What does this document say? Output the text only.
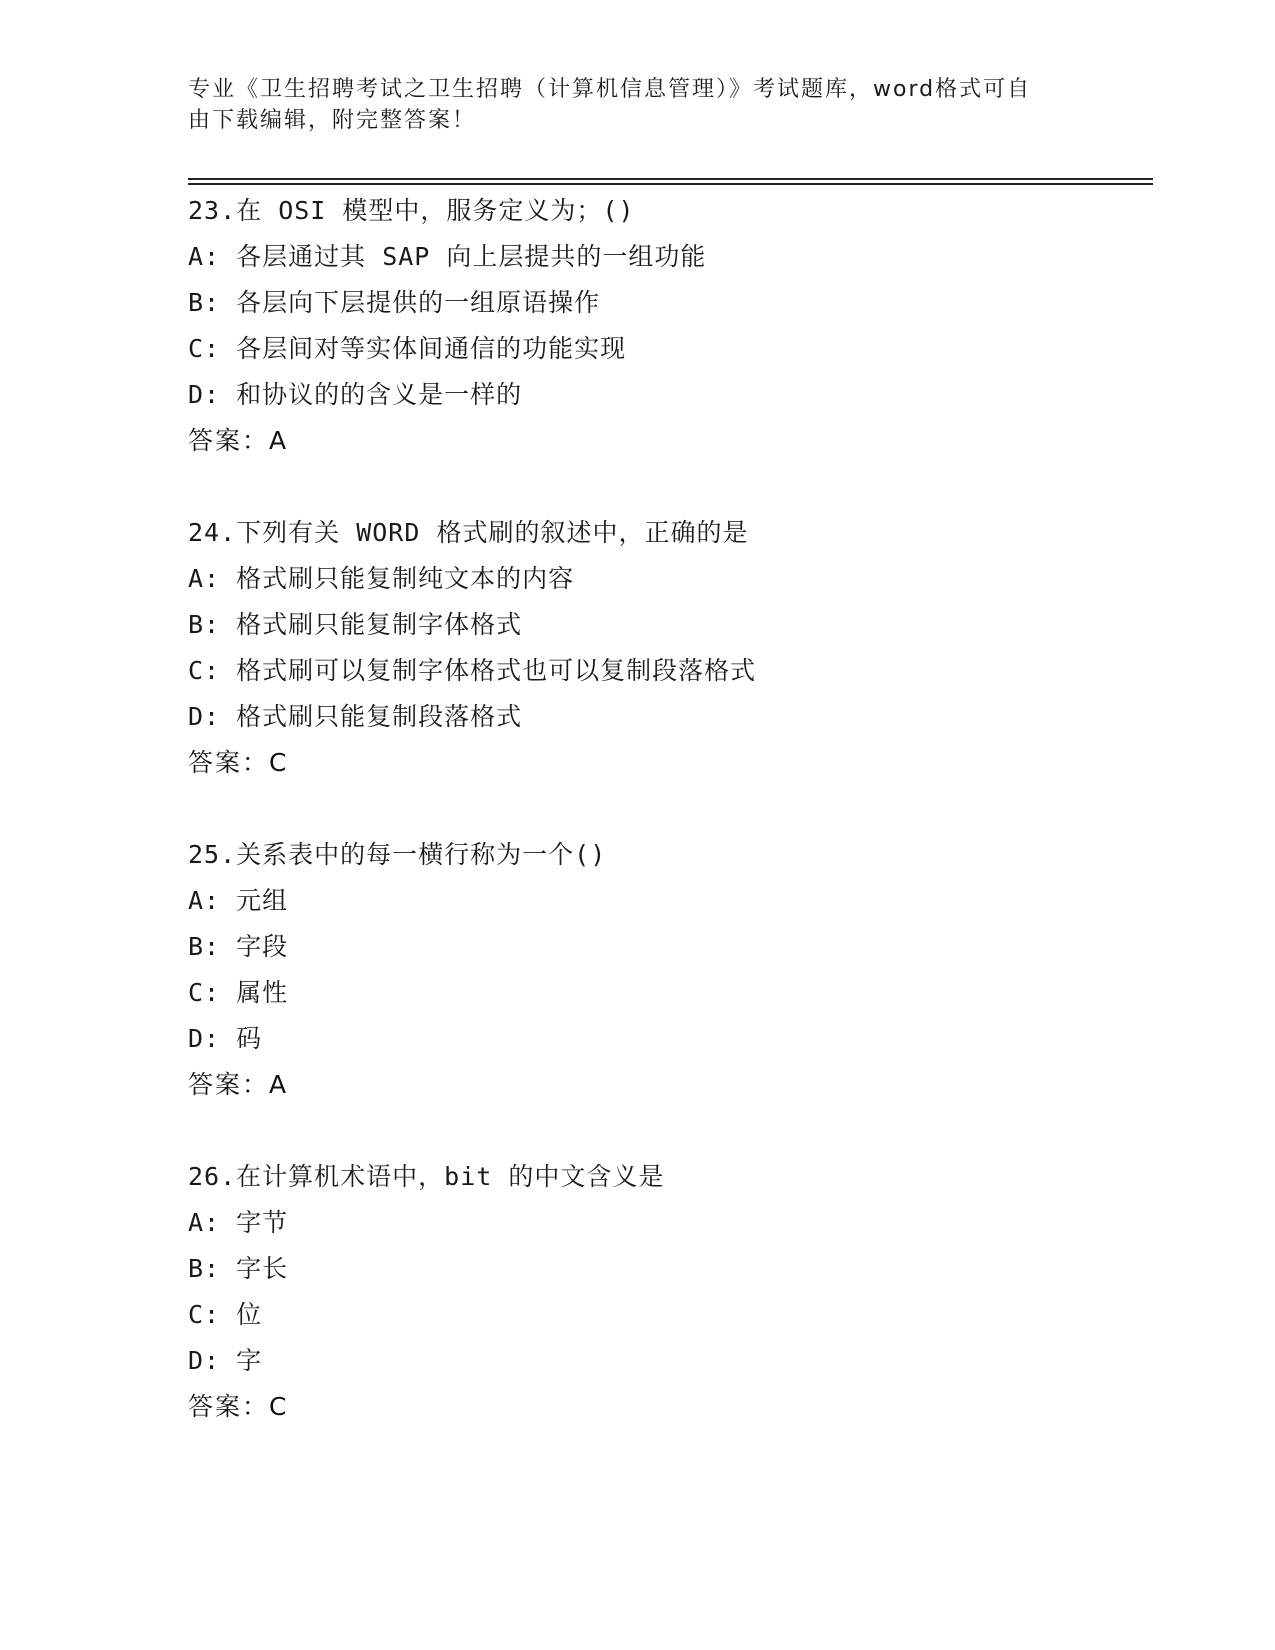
专业《卫生招聘考试之卫生招聘（计算机信息管理）》考试题库，word格式可自
由下载编辑，附完整答案！
23.在 OSI 模型中，服务定义为；()
A: 各层通过其 SAP 向上层提共的一组功能
B: 各层向下层提供的一组原语操作
C: 各层间对等实体间通信的功能实现
D: 和协议的的含义是一样的
答案：A
24.下列有关 WORD 格式刷的叙述中，正确的是
A: 格式刷只能复制纯文本的内容
B: 格式刷只能复制字体格式
C: 格式刷可以复制字体格式也可以复制段落格式
D: 格式刷只能复制段落格式
答案：C
25.关系表中的每一横行称为一个()
A: 元组
B: 字段
C: 属性
D: 码
答案：A
26.在计算机术语中，bit 的中文含义是
A: 字节
B: 字长
C: 位
D: 字
答案：C
